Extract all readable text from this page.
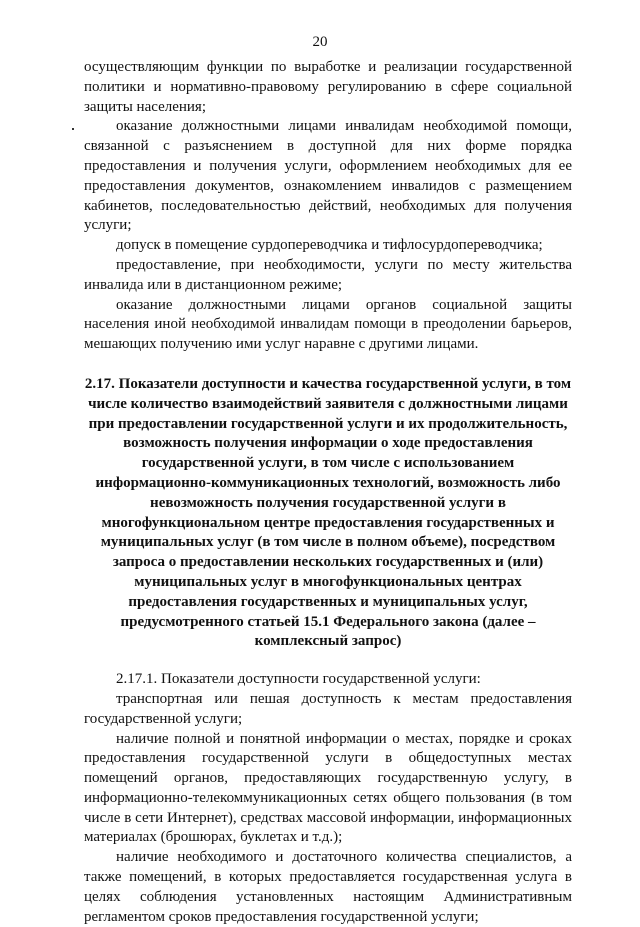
20

осуществляющим функции по выработке и реализации государственной политики и нормативно-правовому регулированию в сфере социальной защиты населения;

оказание должностными лицами инвалидам необходимой помощи, связанной с разъяснением в доступной для них форме порядка предоставления и получения услуги, оформлением необходимых для ее предоставления документов, ознакомлением инвалидов с размещением кабинетов, последовательностью действий, необходимых для получения услуги;

допуск в помещение сурдопереводчика и тифлосурдопереводчика;

предоставление, при необходимости, услуги по месту жительства инвалида или в дистанционном режиме;

оказание должностными лицами органов социальной защиты населения иной необходимой инвалидам помощи в преодолении барьеров, мешающих получению ими услуг наравне с другими лицами.

2.17. Показатели доступности и качества государственной услуги, в том числе количество взаимодействий заявителя с должностными лицами при предоставлении государственной услуги и их продолжительность, возможность получения информации о ходе предоставления государственной услуги, в том числе с использованием информационно-коммуникационных технологий, возможность либо невозможность получения государственной услуги в многофункциональном центре предоставления государственных и муниципальных услуг (в том числе в полном объеме), посредством запроса о предоставлении нескольких государственных и (или) муниципальных услуг в многофункциональных центрах предоставления государственных и муниципальных услуг, предусмотренного статьей 15.1 Федерального закона (далее – комплексный запрос)

2.17.1. Показатели доступности государственной услуги:

транспортная или пешая доступность к местам предоставления государственной услуги;

наличие полной и понятной информации о местах, порядке и сроках предоставления государственной услуги в общедоступных местах помещений органов, предоставляющих государственную услугу, в информационно-телекоммуникационных сетях общего пользования (в том числе в сети Интернет), средствах массовой информации, информационных материалах (брошюрах, буклетах и т.д.);

наличие необходимого и достаточного количества специалистов, а также помещений, в которых предоставляется государственная услуга в целях соблюдения установленных настоящим Административным регламентом сроков предоставления государственной услуги;
